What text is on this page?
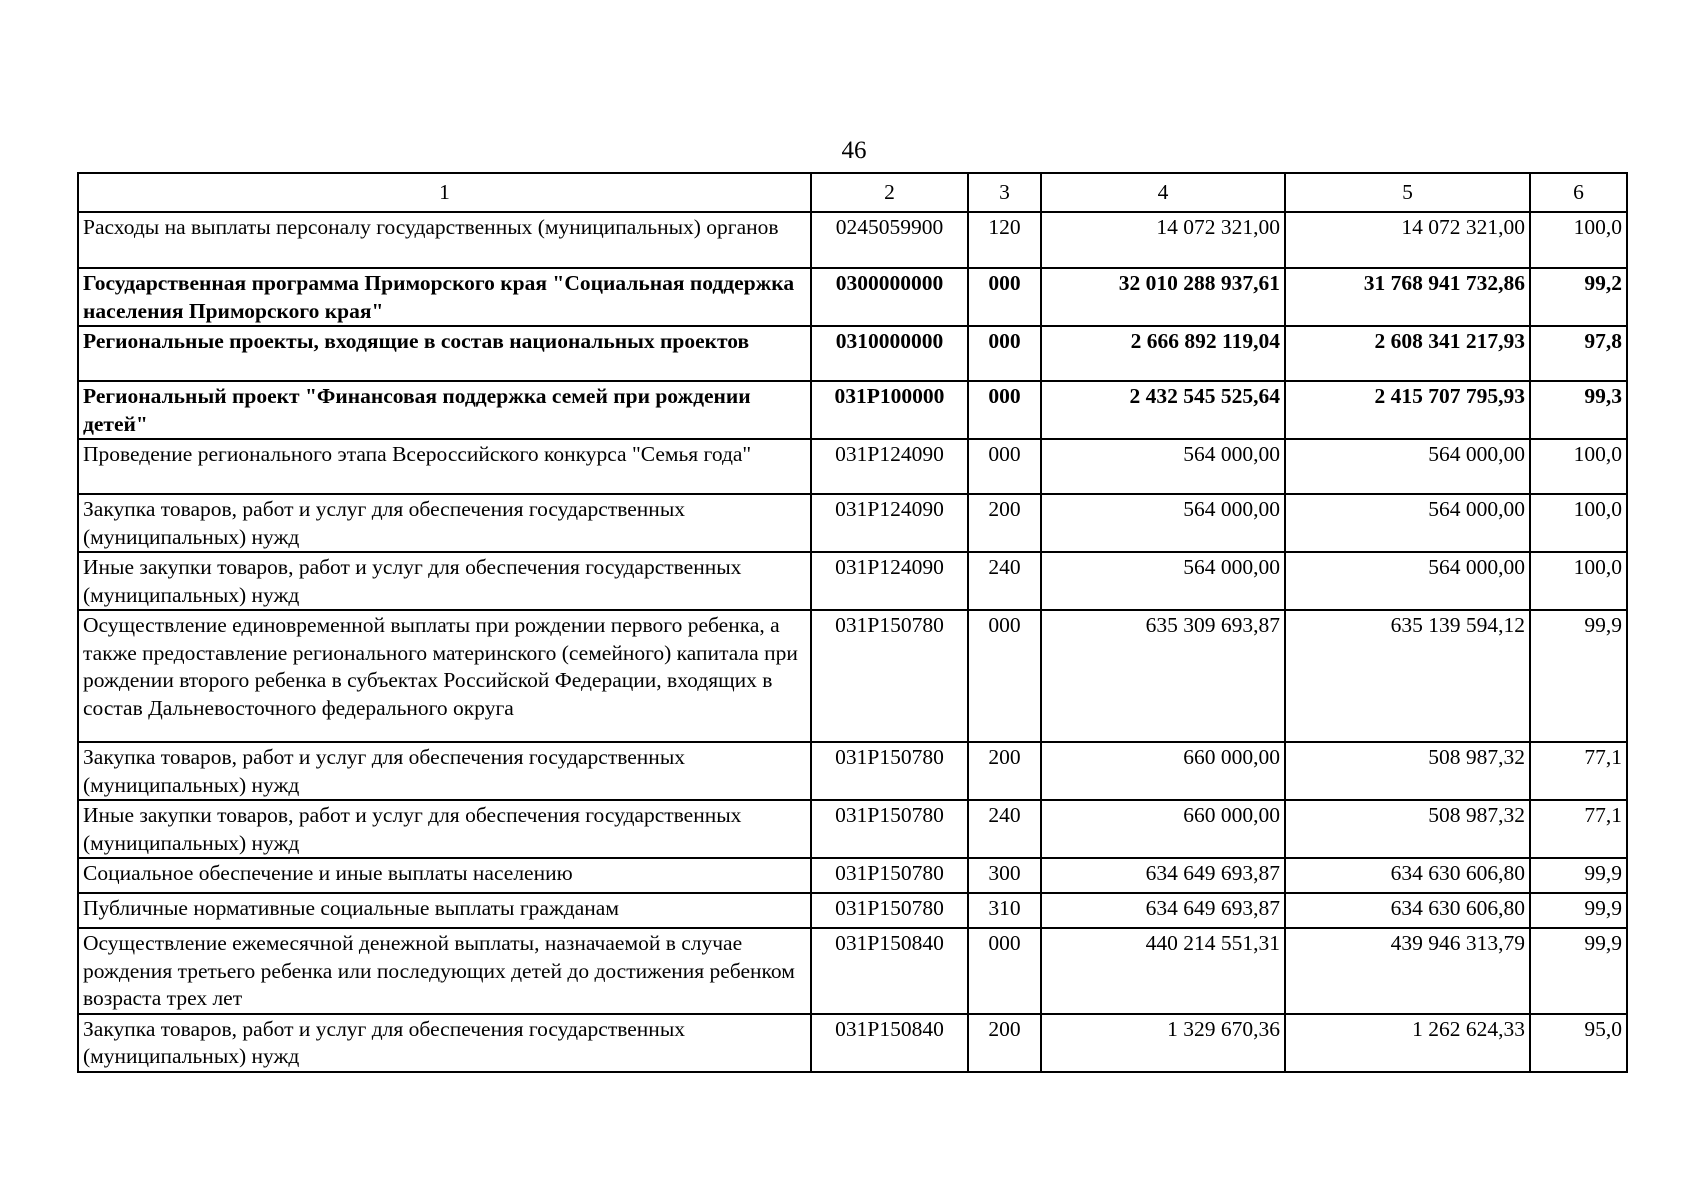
46
1	2	3	4	5	6
Расходы на выплаты персоналу государственных (муниципальных) органов	0245059900	120	14 072 321,00	14 072 321,00	100,0
Государственная программа Приморского края "Социальная поддержка населения Приморского края"	0300000000	000	32 010 288 937,61	31 768 941 732,86	99,2
Региональные проекты, входящие в состав национальных проектов	0310000000	000	2 666 892 119,04	2 608 341 217,93	97,8
Региональный проект "Финансовая поддержка семей при рождении детей"	031P100000	000	2 432 545 525,64	2 415 707 795,93	99,3
Проведение регионального этапа Всероссийского конкурса "Семья года"	031P124090	000	564 000,00	564 000,00	100,0
Закупка товаров, работ и услуг для обеспечения государственных (муниципальных) нужд	031P124090	200	564 000,00	564 000,00	100,0
Иные закупки товаров, работ и услуг для обеспечения государственных (муниципальных) нужд	031P124090	240	564 000,00	564 000,00	100,0
Осуществление единовременной выплаты при рождении первого ребенка, а также предоставление регионального материнского (семейного) капитала при рождении второго ребенка в субъектах Российской Федерации, входящих в состав Дальневосточного федерального округа	031P150780	000	635 309 693,87	635 139 594,12	99,9
Закупка товаров, работ и услуг для обеспечения государственных (муниципальных) нужд	031P150780	200	660 000,00	508 987,32	77,1
Иные закупки товаров, работ и услуг для обеспечения государственных (муниципальных) нужд	031P150780	240	660 000,00	508 987,32	77,1
Социальное обеспечение и иные выплаты населению	031P150780	300	634 649 693,87	634 630 606,80	99,9
Публичные нормативные социальные выплаты гражданам	031P150780	310	634 649 693,87	634 630 606,80	99,9
Осуществление ежемесячной денежной выплаты, назначаемой в случае рождения третьего ребенка или последующих детей до достижения ребенком возраста трех лет	031P150840	000	440 214 551,31	439 946 313,79	99,9
Закупка товаров, работ и услуг для обеспечения государственных (муниципальных) нужд	031P150840	200	1 329 670,36	1 262 624,33	95,0
